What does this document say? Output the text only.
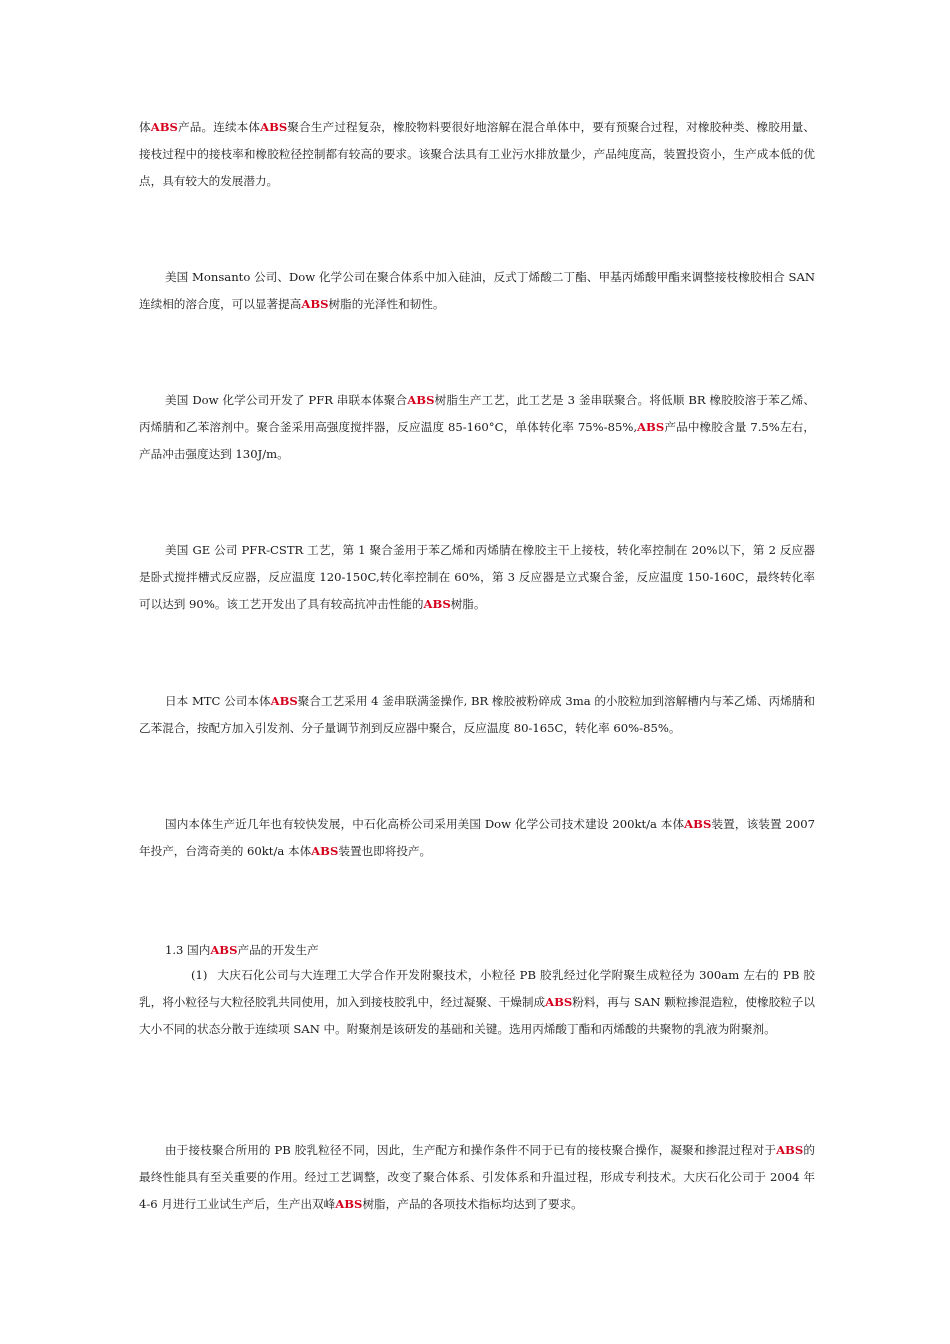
体ABS产品。连续本体ABS聚合生产过程复杂，橡胶物料要很好地溶解在混合单体中，要有预聚合过程，对橡胶种类、橡胶用量、接枝过程中的接枝率和橡胶粒径控制都有较高的要求。该聚合法具有工业污水排放量少，产品纯度高，装置投资小，生产成本低的优点，具有较大的发展潜力。

美国 Monsanto 公司、Dow 化学公司在聚合体系中加入硅油，反式丁烯酸二丁酯、甲基丙烯酸甲酯来调整接枝橡胶相合 SAN 连续相的溶合度，可以显著提高ABS树脂的光泽性和韧性。

美国 Dow 化学公司开发了 PFR 串联本体聚合ABS树脂生产工艺，此工艺是 3 釜串联聚合。将低顺 BR 橡胶胶溶于苯乙烯、丙烯腈和乙苯溶剂中。聚合釜采用高强度搅拌器，反应温度 85-160°C，单体转化率 75%-85%,ABS产品中橡胶含量 7.5%左右，产品冲击强度达到 130J/m。

美国 GE 公司 PFR-CSTR 工艺，第 1 聚合釜用于苯乙烯和丙烯腈在橡胶主干上接枝，转化率控制在 20%以下，第 2 反应器是卧式搅拌槽式反应器，反应温度 120-150C,转化率控制在 60%，第 3 反应器是立式聚合釜，反应温度 150-160C，最终转化率可以达到 90%。该工艺开发出了具有较高抗冲击性能的ABS树脂。

日本 MTC 公司本体ABS聚合工艺采用 4 釜串联满釜操作, BR 橡胶被粉碎成 3ma 的小胶粒加到溶解槽内与苯乙烯、丙烯腈和乙苯混合，按配方加入引发剂、分子量调节剂到反应器中聚合，反应温度 80-165C，转化率 60%-85%。

国内本体生产近几年也有较快发展，中石化高桥公司采用美国 Dow 化学公司技术建设 200kt/a 本体ABS装置，该装置 2007 年投产，台湾奇美的 60kt/a 本体ABS装置也即将投产。

1.3 国内ABS产品的开发生产

(1) 大庆石化公司与大连理工大学合作开发附聚技术，小粒径 PB 胶乳经过化学附聚生成粒径为 300am 左右的 PB 胶乳，将小粒径与大粒径胶乳共同使用，加入到接枝胶乳中，经过凝聚、干燥制成ABS粉料，再与 SAN 颗粒掺混造粒，使橡胶粒子以大小不同的状态分散于连续项 SAN 中。附聚剂是该研发的基础和关键。选用丙烯酸丁酯和丙烯酸的共聚物的乳液为附聚剂。

由于接枝聚合所用的 PB 胶乳粒径不同，因此，生产配方和操作条件不同于已有的接枝聚合操作，凝聚和掺混过程对于ABS的最终性能具有至关重要的作用。经过工艺调整，改变了聚合体系、引发体系和升温过程，形成专利技术。大庆石化公司于 2004 年 4-6 月进行工业试生产后，生产出双峰ABS树脂，产品的各项技术指标均达到了要求。
